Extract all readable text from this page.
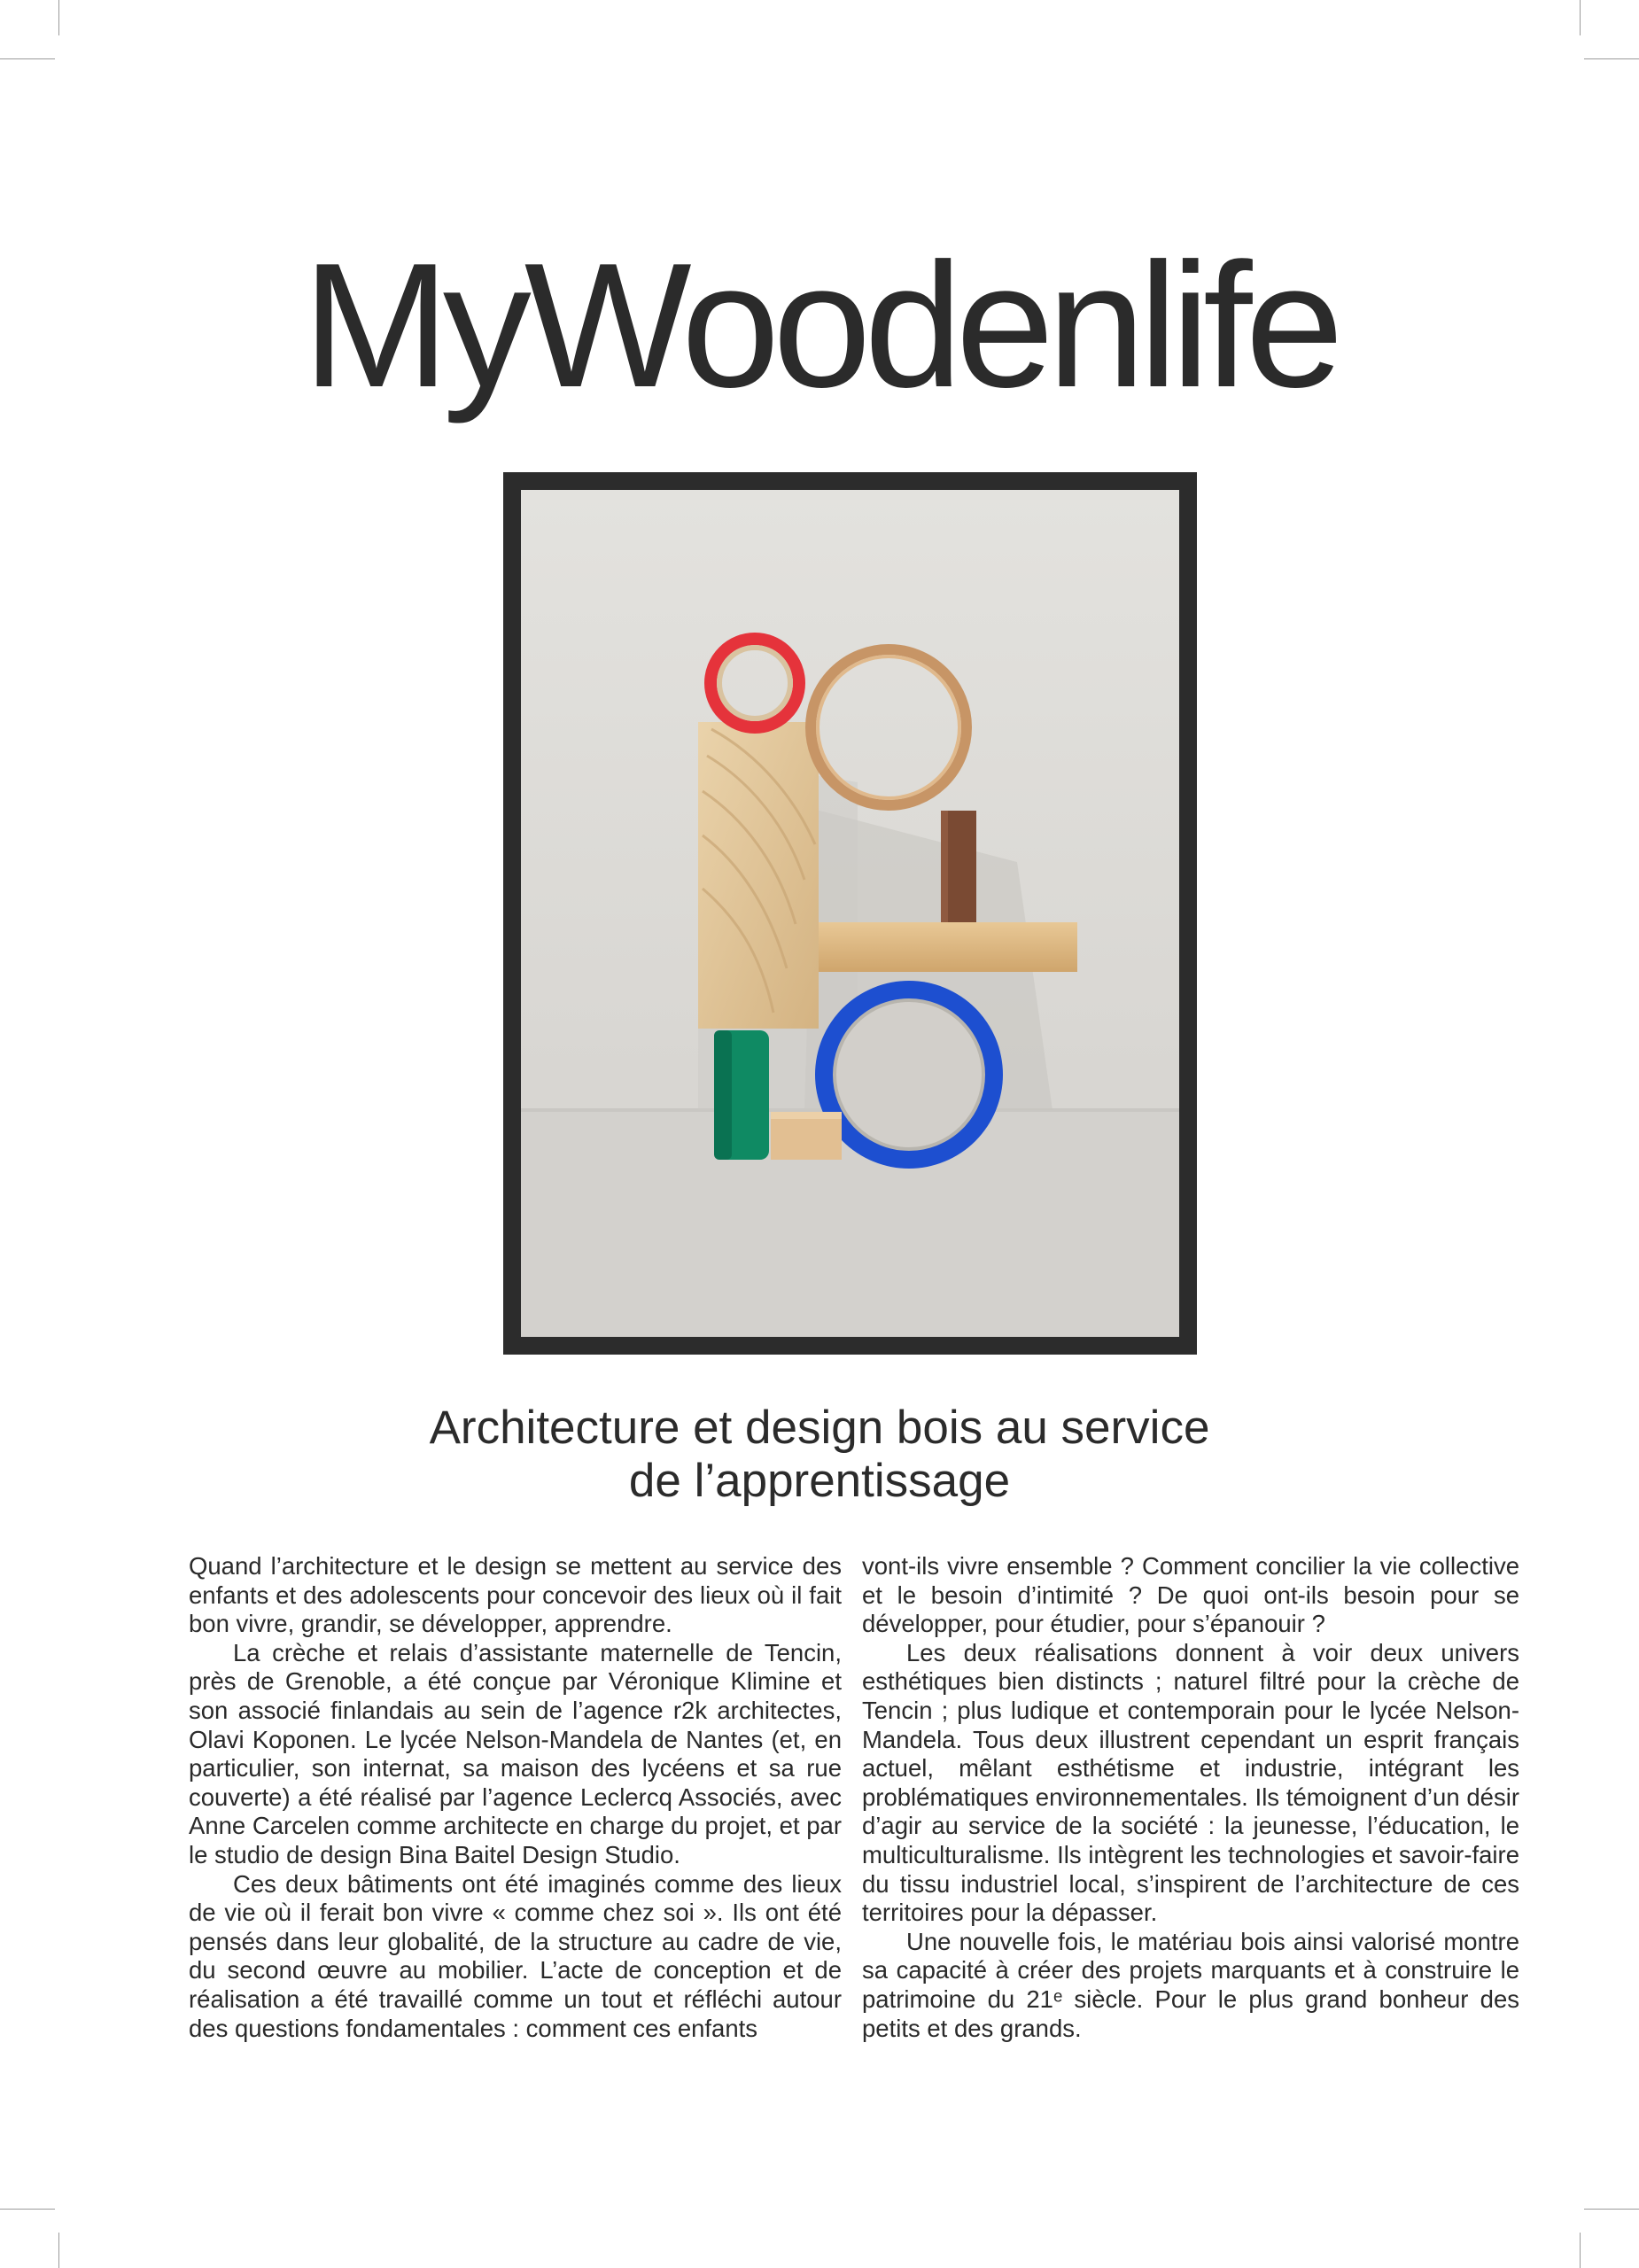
MyWoodenlife
Architecture et design bois au service
de l’apprentissage

Quand l’architecture et le design se mettent au service des enfants et des adolescents pour concevoir des lieux où il fait bon vivre, grandir, se développer, apprendre.

La crèche et relais d’assistante maternelle de Tencin, près de Grenoble, a été conçue par Véronique Klimine et son associé finlandais au sein de l’agence r2k architectes, Olavi Koponen. Le lycée Nelson-Mandela de Nantes (et, en particulier, son internat, sa maison des lycéens et sa rue couverte) a été réalisé par l’agence Leclercq Associés, avec Anne Carcelen comme architecte en charge du projet, et par le studio de design Bina Baitel Design Studio.

Ces deux bâtiments ont été imaginés comme des lieux de vie où il ferait bon vivre « comme chez soi ». Ils ont été pensés dans leur globalité, de la structure au cadre de vie, du second œuvre au mobilier. L’acte de conception et de réalisation a été travaillé comme un tout et réfléchi autour des questions fondamentales : comment ces enfants

vont-ils vivre ensemble ? Comment concilier la vie collective et le besoin d’intimité ? De quoi ont-ils besoin pour se développer, pour étudier, pour s’épanouir ?

Les deux réalisations donnent à voir deux univers esthétiques bien distincts ; naturel filtré pour la crèche de Tencin ; plus ludique et contemporain pour le lycée Nelson-Mandela. Tous deux illustrent cependant un esprit français actuel, mêlant esthétisme et industrie, intégrant les problématiques environnementales. Ils témoignent d’un désir d’agir au service de la société : la jeunesse, l’éducation, le multiculturalisme. Ils intègrent les technologies et savoir-faire du tissu industriel local, s’inspirent de l’architecture de ces territoires pour la dépasser.

Une nouvelle fois, le matériau bois ainsi valorisé montre sa capacité à créer des projets marquants et à construire le patrimoine du 21ᵉ siècle. Pour le plus grand bonheur des petits et des grands.
